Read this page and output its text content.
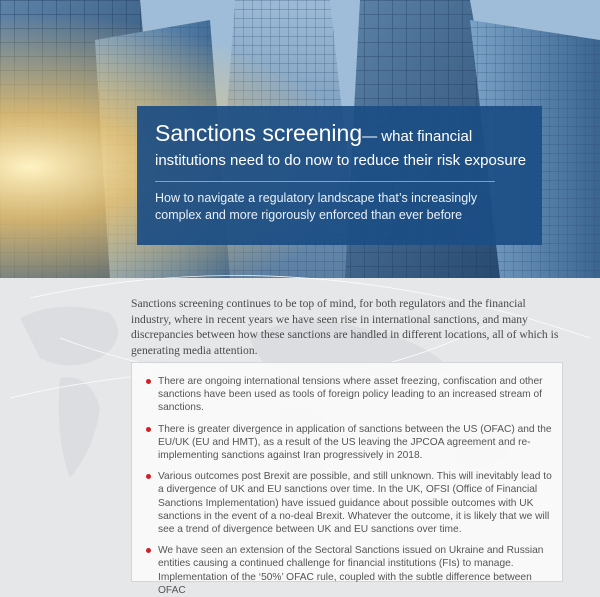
Sanctions screening— what financial
institutions need to do now to reduce their risk exposure
How to navigate a regulatory landscape that’s increasingly complex and more rigorously enforced than ever before

Sanctions screening continues to be top of mind, for both regulators and the financial industry, where in recent years we have seen rise in international sanctions, and many discrepancies between how these sanctions are handled in different locations, all of which is generating media attention.

There are ongoing international tensions where asset freezing, confiscation and other sanctions have been used as tools of foreign policy leading to an increased stream of sanctions.
There is greater divergence in application of sanctions between the US (OFAC) and the EU/UK (EU and HMT), as a result of the US leaving the JPCOA agreement and re-implementing sanctions against Iran progressively in 2018.
Various outcomes post Brexit are possible, and still unknown. This will inevitably lead to a divergence of UK and EU sanctions over time. In the UK, OFSI (Office of Financial Sanctions Implementation) have issued guidance about possible outcomes with UK sanctions in the event of a no-deal Brexit. Whatever the outcome, it is likely that we will see a trend of divergence between UK and EU sanctions over time.
We have seen an extension of the Sectoral Sanctions issued on Ukraine and Russian entities causing a continued challenge for financial institutions (FIs) to manage. Implementation of the ‘50%’ OFAC rule, coupled with the subtle difference between OFAC
